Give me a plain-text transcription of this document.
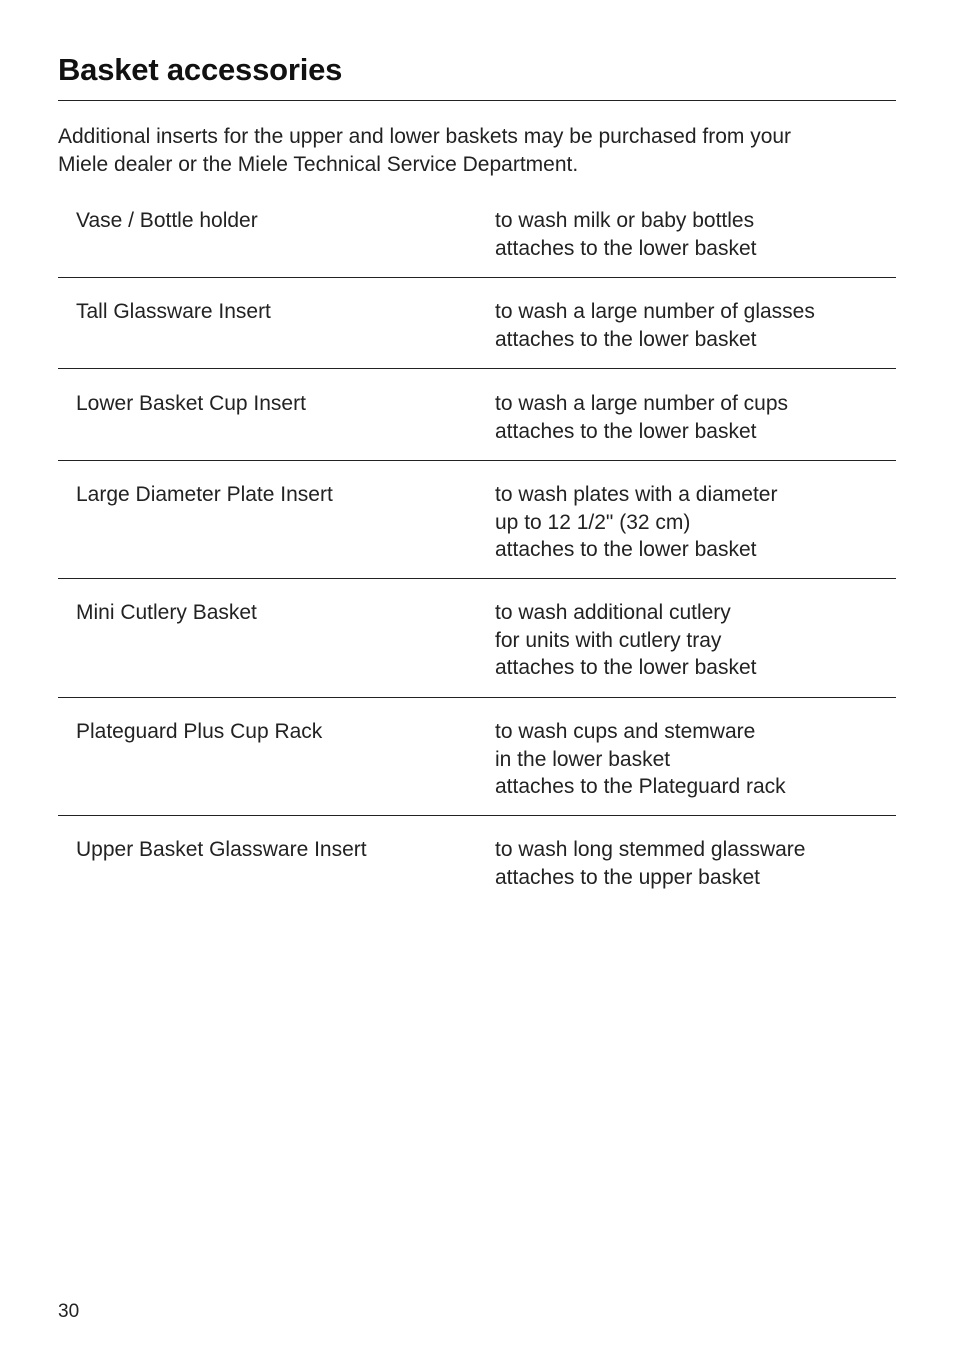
Basket accessories

Additional inserts for the upper and lower baskets may be purchased from your
Miele dealer or the Miele Technical Service Department.

Vase / Bottle holder	to wash milk or baby bottles
attaches to the lower basket
Tall Glassware Insert	to wash a large number of glasses
attaches to the lower basket
Lower Basket Cup Insert	to wash a large number of cups
attaches to the lower basket
Large Diameter Plate Insert	to wash plates with a diameter
up to 12 1/2" (32 cm)
attaches to the lower basket
Mini Cutlery Basket	to wash additional cutlery
for units with cutlery tray
attaches to the lower basket
Plateguard Plus Cup Rack	to wash cups and stemware
in the lower basket
attaches to the Plateguard rack
Upper Basket Glassware Insert	to wash long stemmed glassware
attaches to the upper basket
30
